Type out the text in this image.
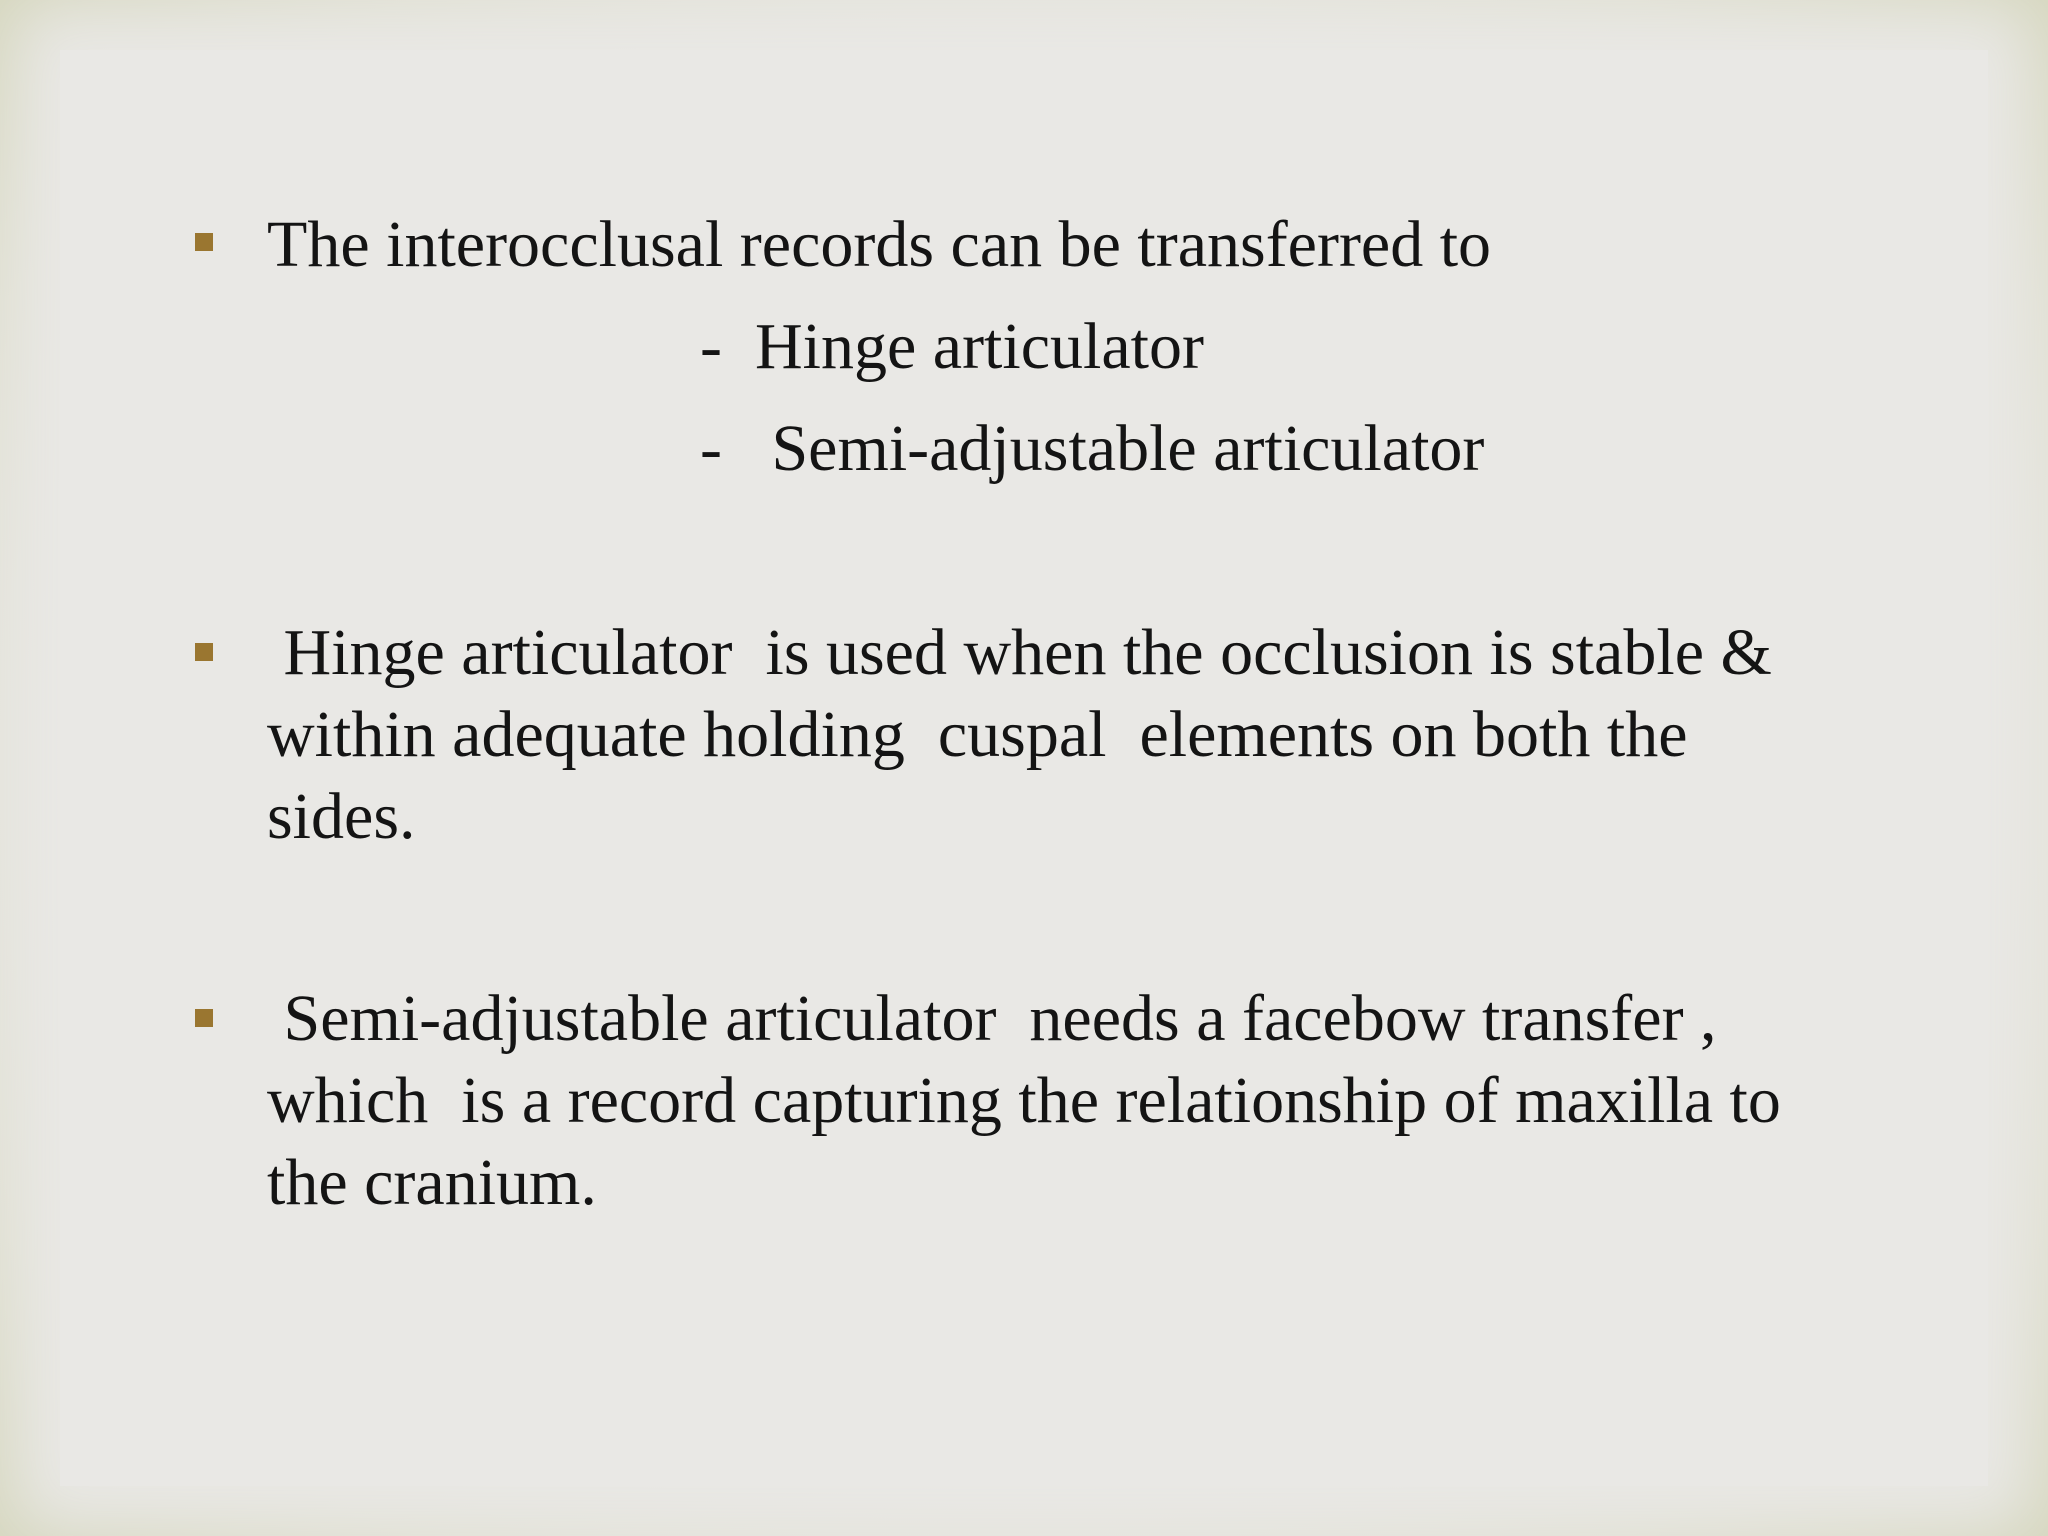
The interocclusal records can be transferred to
-  Hinge articulator
-   Semi-adjustable articulator
Hinge articulator  is used when the occlusion is stable &
within adequate holding  cuspal  elements on both the
sides.
Semi-adjustable articulator  needs a facebow transfer ,
which  is a record capturing the relationship of maxilla to
the cranium.
